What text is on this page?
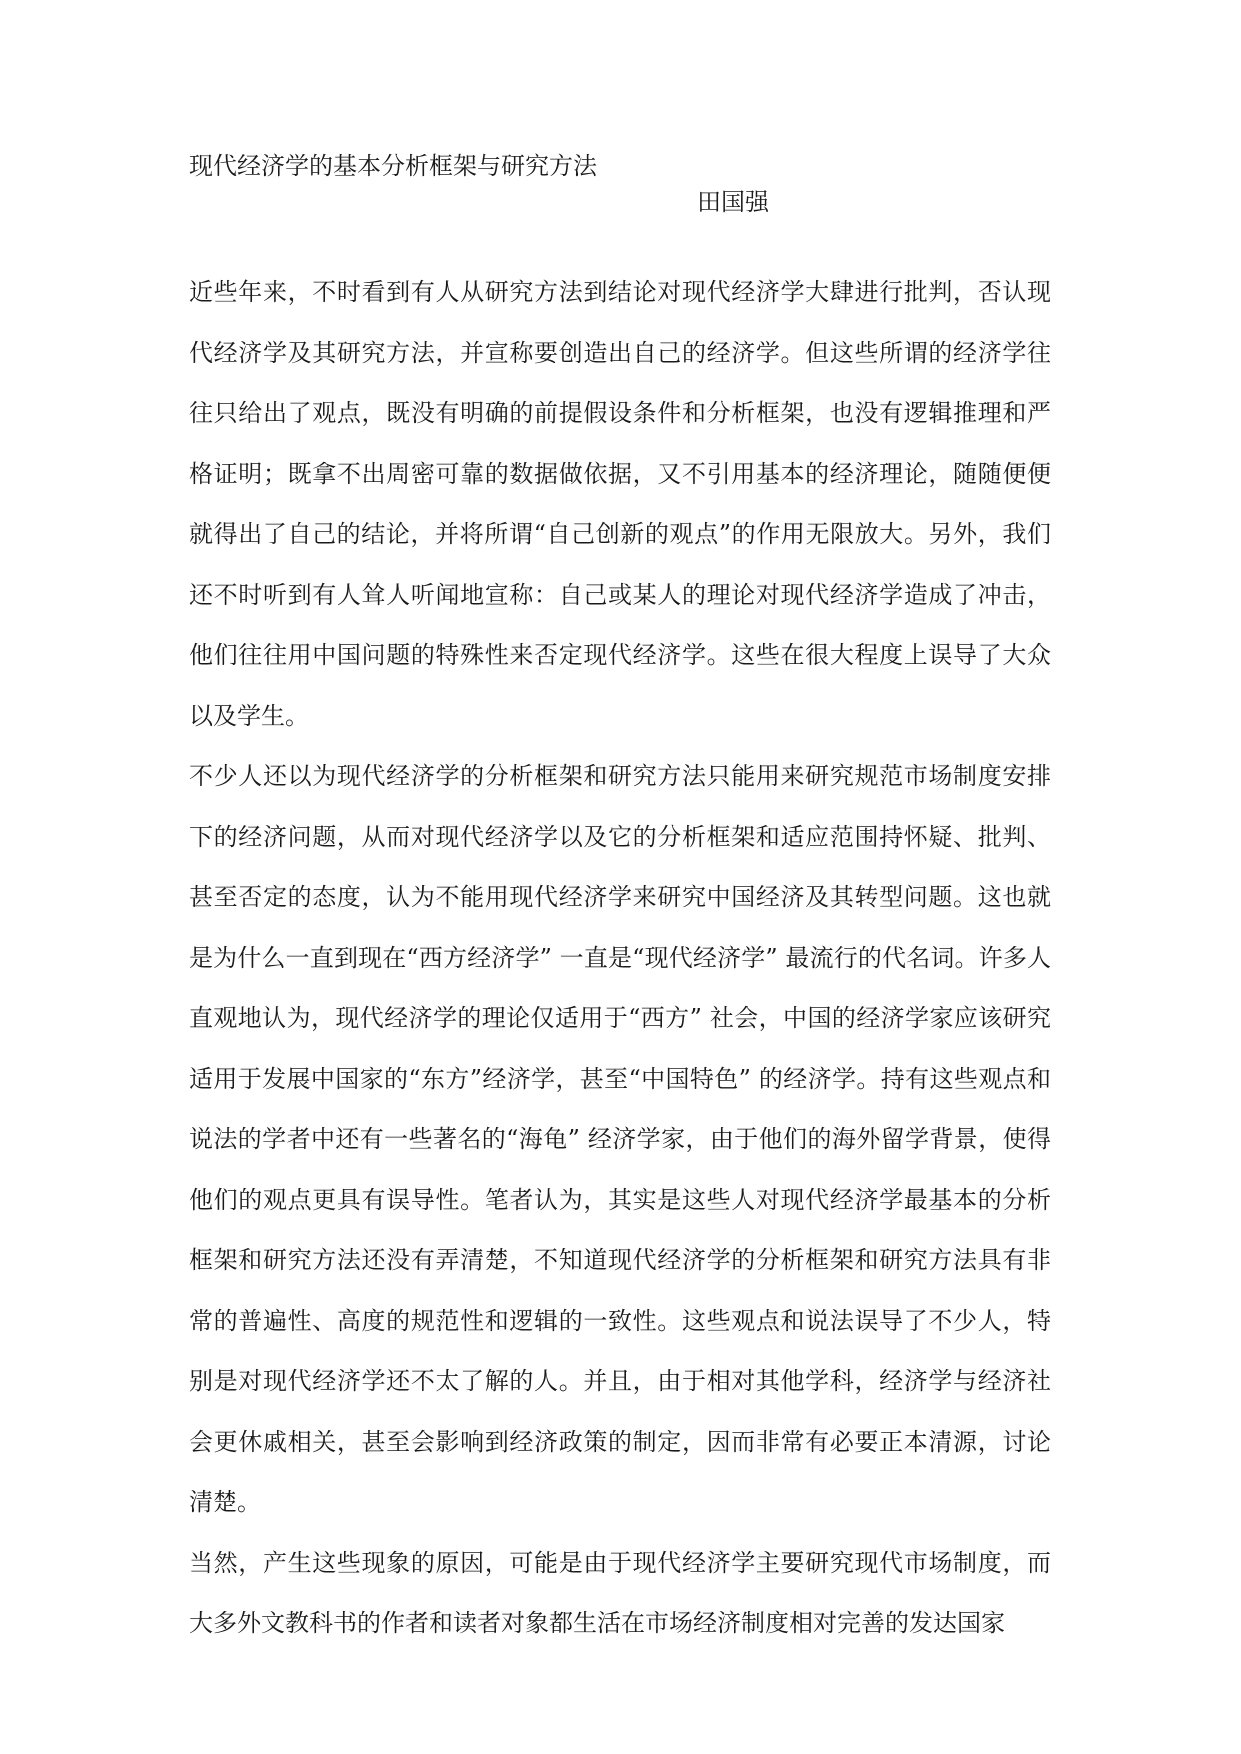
现代经济学的基本分析框架与研究方法
田国强

近些年来，不时看到有人从研究方法到结论对现代经济学大肆进行批判，否认现代经济学及其研究方法，并宣称要创造出自己的经济学。但这些所谓的经济学往往只给出了观点，既没有明确的前提假设条件和分析框架，也没有逻辑推理和严格证明；既拿不出周密可靠的数据做依据，又不引用基本的经济理论，随随便便就得出了自己的结论，并将所谓“自己创新的观点”的作用无限放大。另外，我们还不时听到有人耸人听闻地宣称：自己或某人的理论对现代经济学造成了冲击，他们往往用中国问题的特殊性来否定现代经济学。这些在很大程度上误导了大众以及学生。

不少人还以为现代经济学的分析框架和研究方法只能用来研究规范市场制度安排下的经济问题，从而对现代经济学以及它的分析框架和适应范围持怀疑、批判、甚至否定的态度，认为不能用现代经济学来研究中国经济及其转型问题。这也就是为什么一直到现在“西方经济学” 一直是“现代经济学” 最流行的代名词。许多人直观地认为，现代经济学的理论仅适用于“西方” 社会，中国的经济学家应该研究适用于发展中国家的“东方”经济学，甚至“中国特色” 的经济学。持有这些观点和说法的学者中还有一些著名的“海龟” 经济学家，由于他们的海外留学背景，使得他们的观点更具有误导性。笔者认为，其实是这些人对现代经济学最基本的分析框架和研究方法还没有弄清楚，不知道现代经济学的分析框架和研究方法具有非常的普遍性、高度的规范性和逻辑的一致性。这些观点和说法误导了不少人，特别是对现代经济学还不太了解的人。并且，由于相对其他学科，经济学与经济社会更休戚相关，甚至会影响到经济政策的制定，因而非常有必要正本清源，讨论清楚。

当然，产生这些现象的原因，可能是由于现代经济学主要研究现代市场制度，而大多外文教科书的作者和读者对象都生活在市场经济制度相对完善的发达国家
